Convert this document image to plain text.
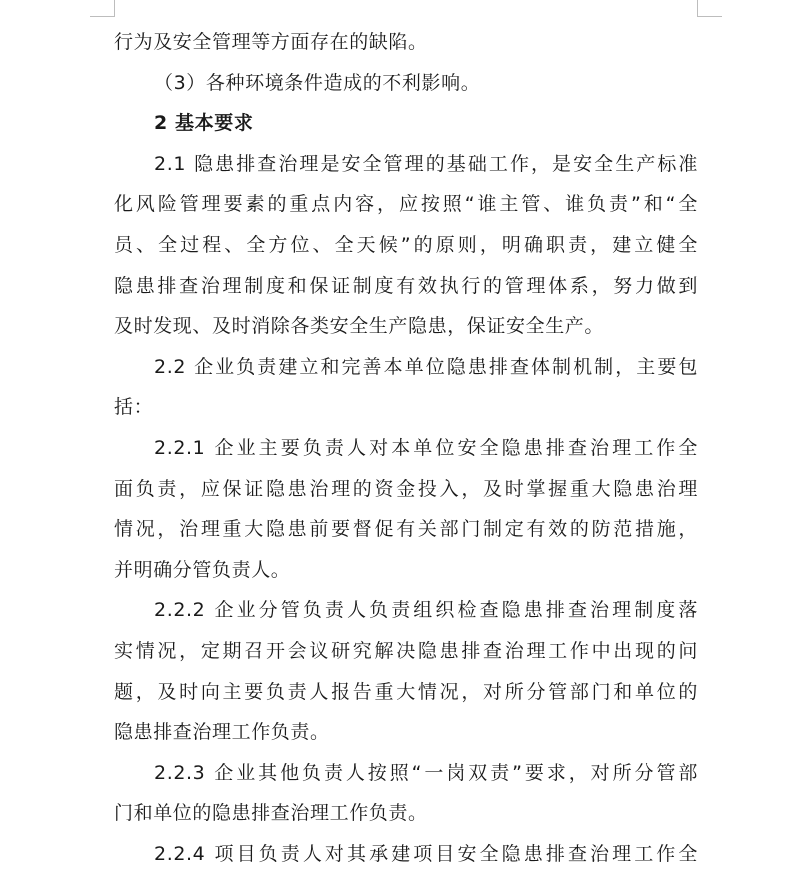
行为及安全管理等方面存在的缺陷。
（3）各种环境条件造成的不利影响。
2 基本要求
2.1 隐患排查治理是安全管理的基础工作，是安全生产标准
化风险管理要素的重点内容，应按照“谁主管、谁负责”和“全
员、全过程、全方位、全天候”的原则，明确职责，建立健全
隐患排查治理制度和保证制度有效执行的管理体系，努力做到
及时发现、及时消除各类安全生产隐患，保证安全生产。
2.2 企业负责建立和完善本单位隐患排查体制机制，主要包
括：
2.2.1 企业主要负责人对本单位安全隐患排查治理工作全
面负责，应保证隐患治理的资金投入，及时掌握重大隐患治理
情况，治理重大隐患前要督促有关部门制定有效的防范措施，
并明确分管负责人。
2.2.2 企业分管负责人负责组织检查隐患排查治理制度落
实情况，定期召开会议研究解决隐患排查治理工作中出现的问
题，及时向主要负责人报告重大情况，对所分管部门和单位的
隐患排查治理工作负责。
2.2.3 企业其他负责人按照“一岗双责”要求，对所分管部
门和单位的隐患排查治理工作负责。
2.2.4 项目负责人对其承建项目安全隐患排查治理工作全
